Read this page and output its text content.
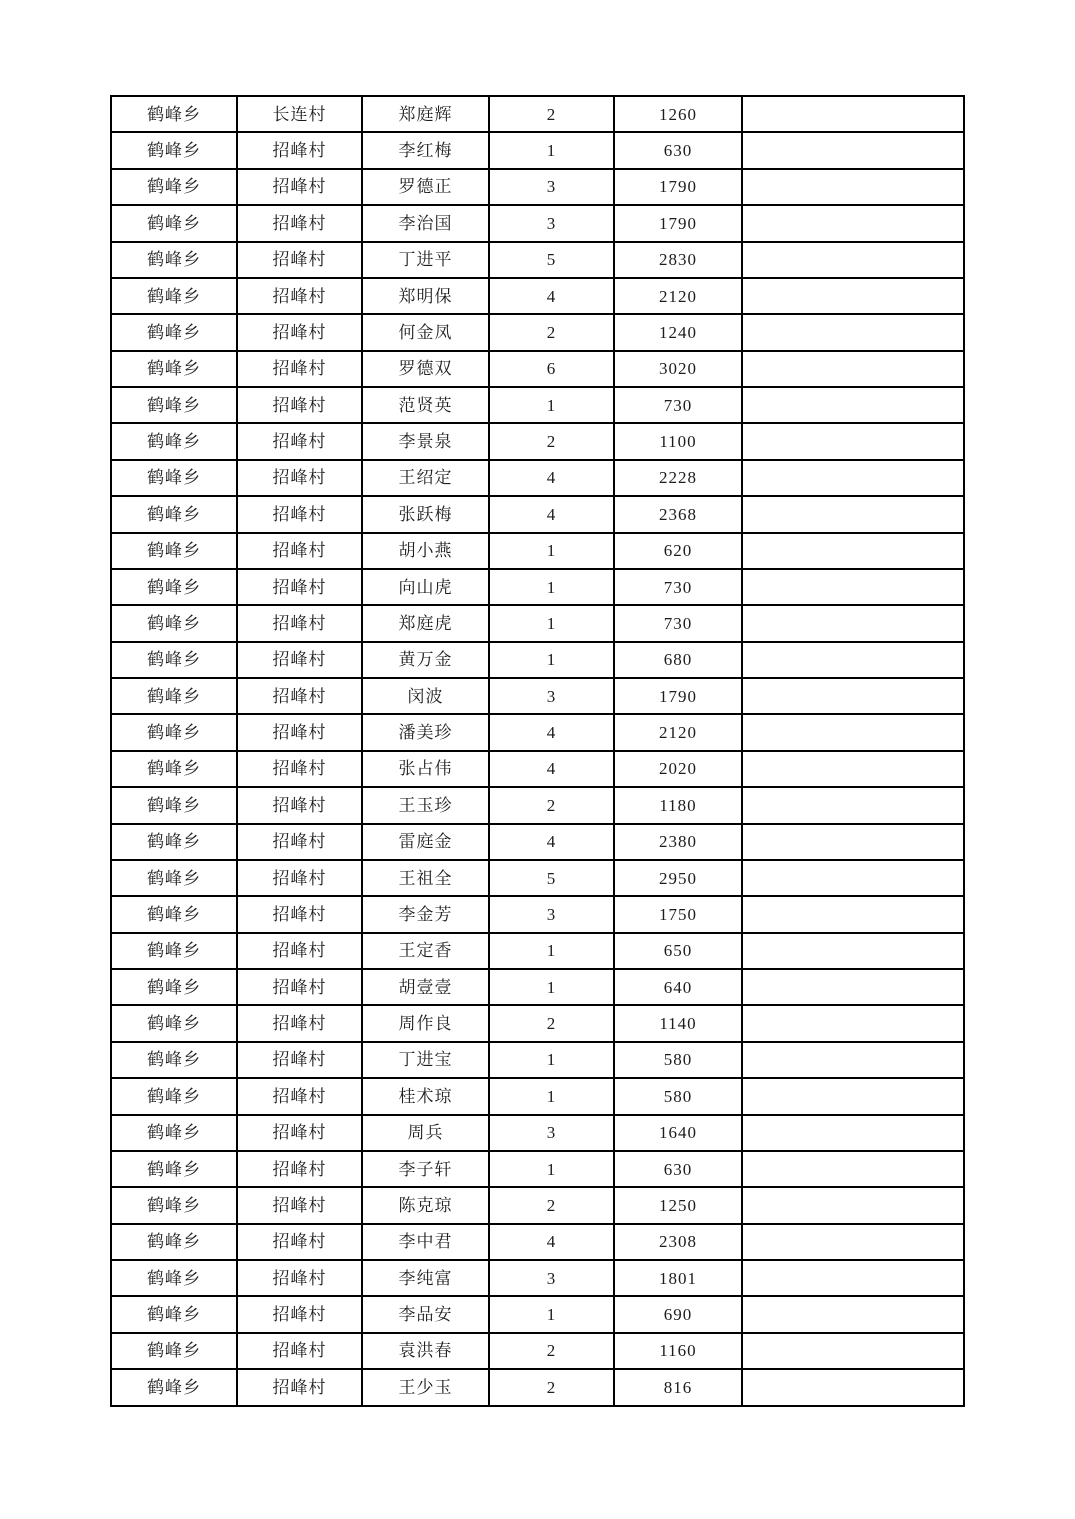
鹤峰乡	长连村	郑庭辉	2	1260	
鹤峰乡	招峰村	李红梅	1	630	
鹤峰乡	招峰村	罗德正	3	1790	
鹤峰乡	招峰村	李治国	3	1790	
鹤峰乡	招峰村	丁进平	5	2830	
鹤峰乡	招峰村	郑明保	4	2120	
鹤峰乡	招峰村	何金凤	2	1240	
鹤峰乡	招峰村	罗德双	6	3020	
鹤峰乡	招峰村	范贤英	1	730	
鹤峰乡	招峰村	李景泉	2	1100	
鹤峰乡	招峰村	王绍定	4	2228	
鹤峰乡	招峰村	张跃梅	4	2368	
鹤峰乡	招峰村	胡小燕	1	620	
鹤峰乡	招峰村	向山虎	1	730	
鹤峰乡	招峰村	郑庭虎	1	730	
鹤峰乡	招峰村	黄万金	1	680	
鹤峰乡	招峰村	闵波	3	1790	
鹤峰乡	招峰村	潘美珍	4	2120	
鹤峰乡	招峰村	张占伟	4	2020	
鹤峰乡	招峰村	王玉珍	2	1180	
鹤峰乡	招峰村	雷庭金	4	2380	
鹤峰乡	招峰村	王祖全	5	2950	
鹤峰乡	招峰村	李金芳	3	1750	
鹤峰乡	招峰村	王定香	1	650	
鹤峰乡	招峰村	胡壹壹	1	640	
鹤峰乡	招峰村	周作良	2	1140	
鹤峰乡	招峰村	丁进宝	1	580	
鹤峰乡	招峰村	桂术琼	1	580	
鹤峰乡	招峰村	周兵	3	1640	
鹤峰乡	招峰村	李子轩	1	630	
鹤峰乡	招峰村	陈克琼	2	1250	
鹤峰乡	招峰村	李中君	4	2308	
鹤峰乡	招峰村	李纯富	3	1801	
鹤峰乡	招峰村	李品安	1	690	
鹤峰乡	招峰村	袁洪春	2	1160	
鹤峰乡	招峰村	王少玉	2	816	
